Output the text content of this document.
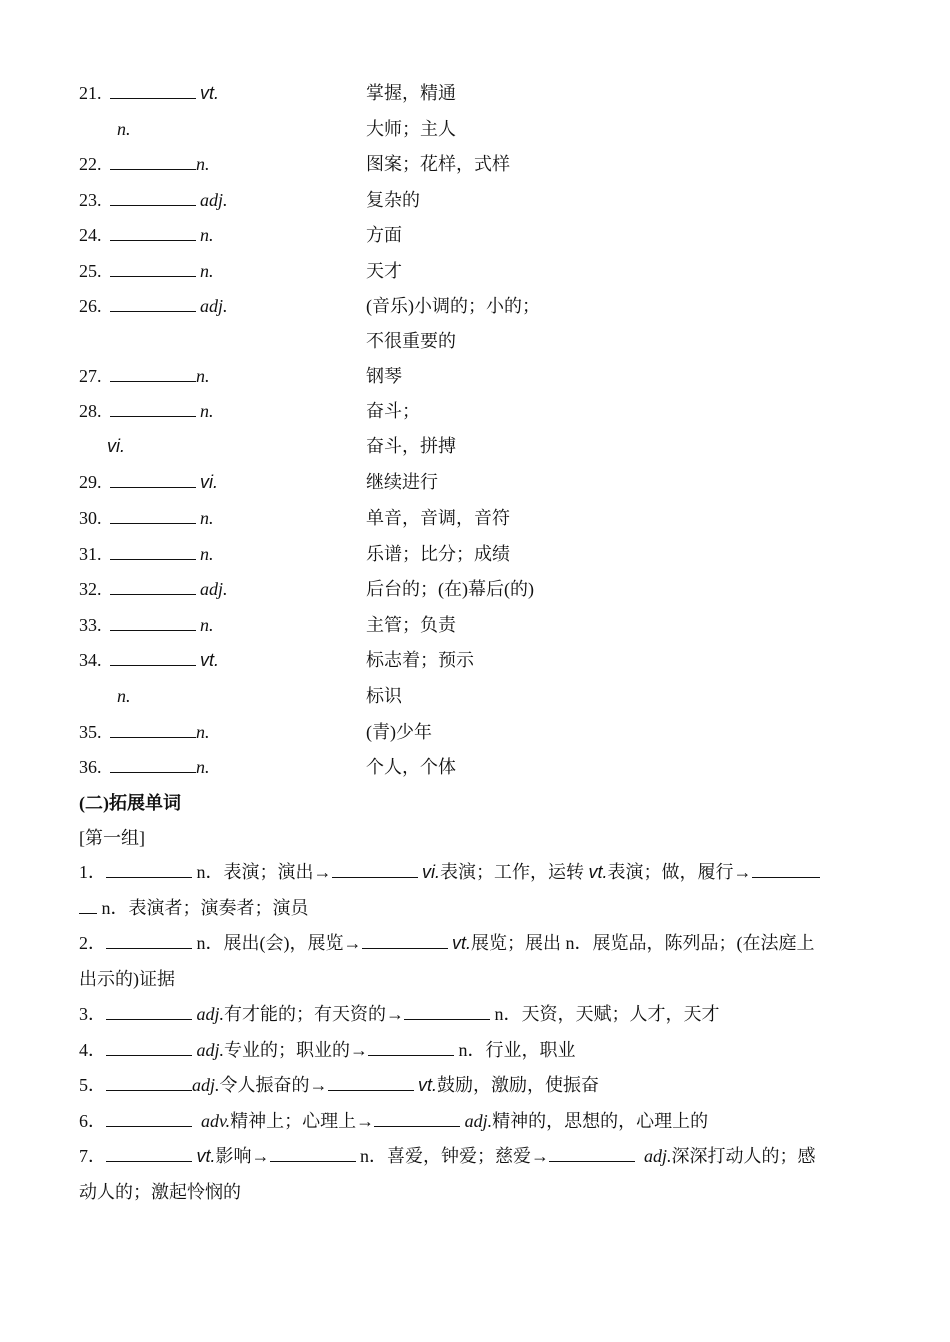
21.	vt.	掌握，精通
n.	大师；主人
22.	n.	图案；花样，式样
23.	adj.	复杂的
24.	n.	方面
25.	n.	天才
26.	adj.	(音乐)小调的；小的；
不很重要的
27.	n.	钢琴
28.	n.	奋斗；
vi.	奋斗，拼搏
29.	vi.	继续进行
30.	n.	单音，音调，音符
31.	n.	乐谱；比分；成绩
32.	adj.	后台的；(在)幕后(的)
33.	n.	主管；负责
34.	vt.	标志着；预示
n.	标识
35.	n.	(青)少年
36.	n.	个人，个体
(二)拓展单词
[第一组]
1．	n．表演；演出→	vi.表演；工作，运转 vt.表演；做，履行→
n．表演者；演奏者；演员
2．	n．展出(会)，展览→	vt.展览；展出 n．展览品，陈列品；(在法庭上
出示的)证据
3．	adj.有才能的；有天资的→	n．天资，天赋；人才，天才
4．	adj.专业的；职业的→	n．行业，职业
5．	adj.令人振奋的→	vt.鼓励，激励，使振奋
6．	adv.精神上；心理上→	adj.精神的，思想的，心理上的
7．	vt.影响→	n．喜爱，钟爱；慈爱→	adj.深深打动人的；感
动人的；激起怜悯的
